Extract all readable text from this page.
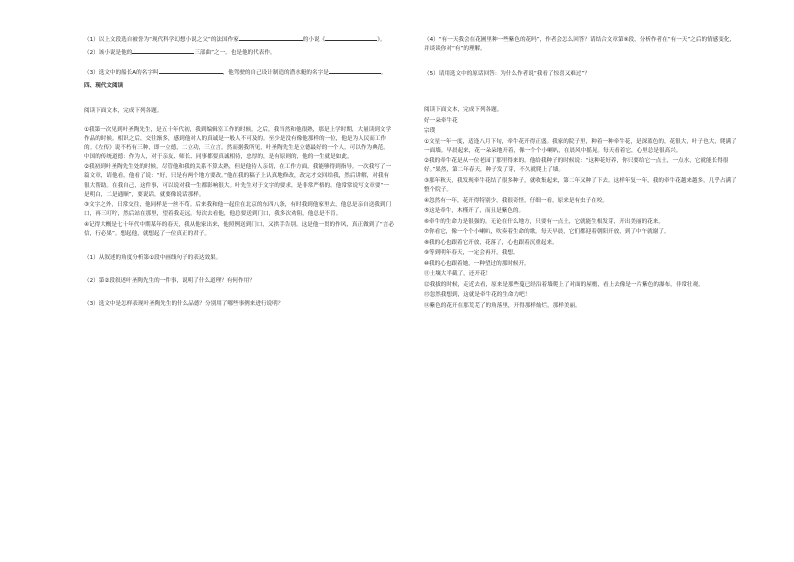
（1）以上文段选自被誉为“现代科学幻想小说之父”的法国作家	的小说《	》。

（2）该小说是他的	三部曲”之一。也是他的代表作。

（3）选文中的船长A的名字叫	，他驾驶的自己设计制造的潜水艇的名字是	。

四、现代文阅读

阅读下面文本，完成下列各题。

①我第一次见到叶圣陶先生，是五十年代初，我到编辑室工作的时候。之后，我当然和他很熟，那是上学时期，大量读到文学作品的时候。相识之后，交往渐多，感到他对人的真诚是一般人不可及的。至少是没有像他那样的一位，他是为人民而工作的。《左传》说不朽有三种，即一立德，二立功，三立言。然而据我所见，叶圣陶先生是立德最好的一个人，可以作为典范。中国的传统道德：作为人，对于亲友、师长、同事都要真诚相待，忠厚的，是有原则的，他的一生就是如此。

②我初到叶圣陶先生处的时候，尽管他和我的关系不算太熟，但是他待人亲切，在工作方面，我能够得到指导。一次我写了一篇文章，请他看，他看了说：“好，只是有两个地方要改。”他在我的稿子上认真地修改，改完才交回给我，然后讲解，对我有很大帮助。在我自己，这件事，可以说对我一生都影响很大。叶先生对于文字的要求，是非常严格的。他常常说写文章要“一是明白，二是通顺”，要说话，就要像说话那样。

③文字之外，日常交往，他同样是一丝不苟。后来我和他一起住在北京的东四八条，有时我到他家里去，他总是亲自送我到门口，再三叮咛，然后站在那里，望着我走远。每次去看他，他总要送到门口，我多次劝阻，他总是不肯。

④记得大概是七十年代中期某年的春天，我从他家出来，他照例送到门口，又拱手告别。这是他一贯的作风，真正做到了“言必信，行必果”。想起他，就想起了一位真正的君子。

（1）从叙述的角度分析第①段中画线句子的表达效果。

（2）第②段叙述叶圣陶先生的一件事，说明了什么道理？有何作用？

（3）选文中是怎样表现叶圣陶先生的什么品德？分别用了哪些事例来进行说明？

（4）“有一天我会在花圃里种一些紫色的花吗”，作者会怎么回答？请结合文章第⑨段，分析作者在“有一天”之后的情感变化，并谈谈你对“有”的理解。

（5）请用选文中的原话回答：为什么作者说“我看了惊喜又难过”？

阅读下面文本，完成下列各题。

好一朵牵牛花

宗璞

①文星一年一度，适逢八月下旬，牵牛花开得正盛。我家的院子里，种着一种牵牛花，是深蓝色的，花很大，叶子也大，爬满了一面墙。早晨起来，花一朵朵地开着，像一个个小喇叭，在晨风中摇晃。每天看着它，心里总是很高兴。

②我的牵牛花是从一位老园丁那里得来的。他给我种子的时候说：“这种花好养，你只要给它一点土，一点水，它就能长得很好。”果然，第二年春天，种子发了芽，不久就爬上了墙。

③那年秋天，我发现牵牛花结了很多种子，就收集起来，第二年又种了下去。这样年复一年，我的牵牛花越来越多，几乎占满了整个院子。

④忽然有一年，花开得特别少，我很奇怪，仔细一看，原来是有虫子在咬。

⑤这是牵牛，木槿开了，而且是紫色的。

⑥牵牛的生命力是很强的。无论在什么地方，只要有一点土，它就能生根发芽，开出美丽的花来。

⑦你看它，像一个个小喇叭，吹奏着生命的歌。每天早晨，它们都迎着朝阳开放，到了中午就谢了。

⑧我的心也跟着它开放，花落了，心也跟着沉重起来。

⑨等到明年春天，一定会再开，我想。

⑩我的心也跟着她，一种望过的那时候开。

⑪土壤大半截了，还开花！

⑫我拔的时候，走近去看，原来是那些蔓已经沿着墙爬上了对面的屋檐，看上去像是一片紫色的瀑布，非常壮观。

⑬忽然我想到，这就是牵牛花的生命力吧！

⑭紫色的花开在那荒芜了的角落里，开得那样灿烂，那样美丽。
